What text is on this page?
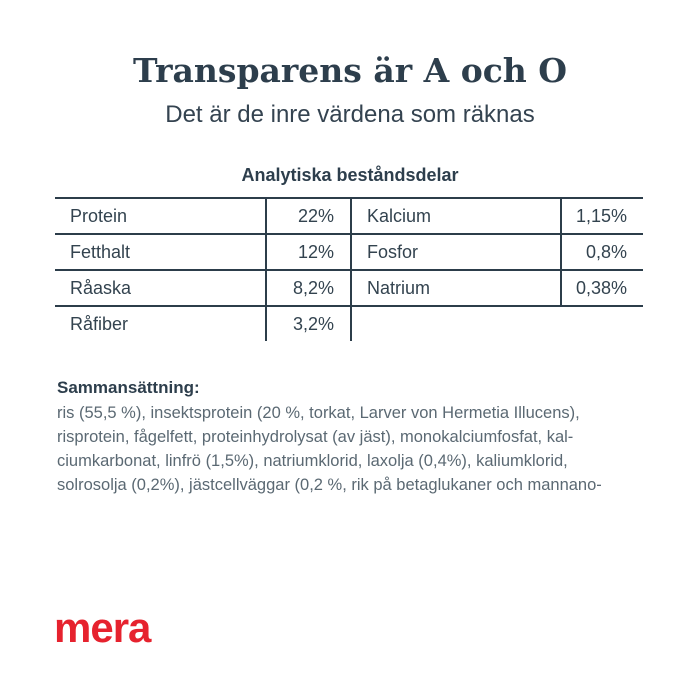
Transparens är A och O
Det är de inre värdena som räknas
Analytiska beståndsdelar
Protein	22%	Kalcium	1,15%
Fetthalt	12%	Fosfor	0,8%
Råaska	8,2%	Natrium	0,38%
Råfiber	3,2%
Sammansättning:
ris (55,5 %), insektsprotein (20 %, torkat, Larver von Hermetia Illucens),
risprotein, fågelfett, proteinhydrolysat (av jäst), monokalciumfosfat, kal-
ciumkarbonat, linfrö (1,5%), natriumklorid, laxolja (0,4%), kaliumklorid,
solrosolja (0,2%), jästcellväggar (0,2 %, rik på betaglukaner och mannano-
mera
